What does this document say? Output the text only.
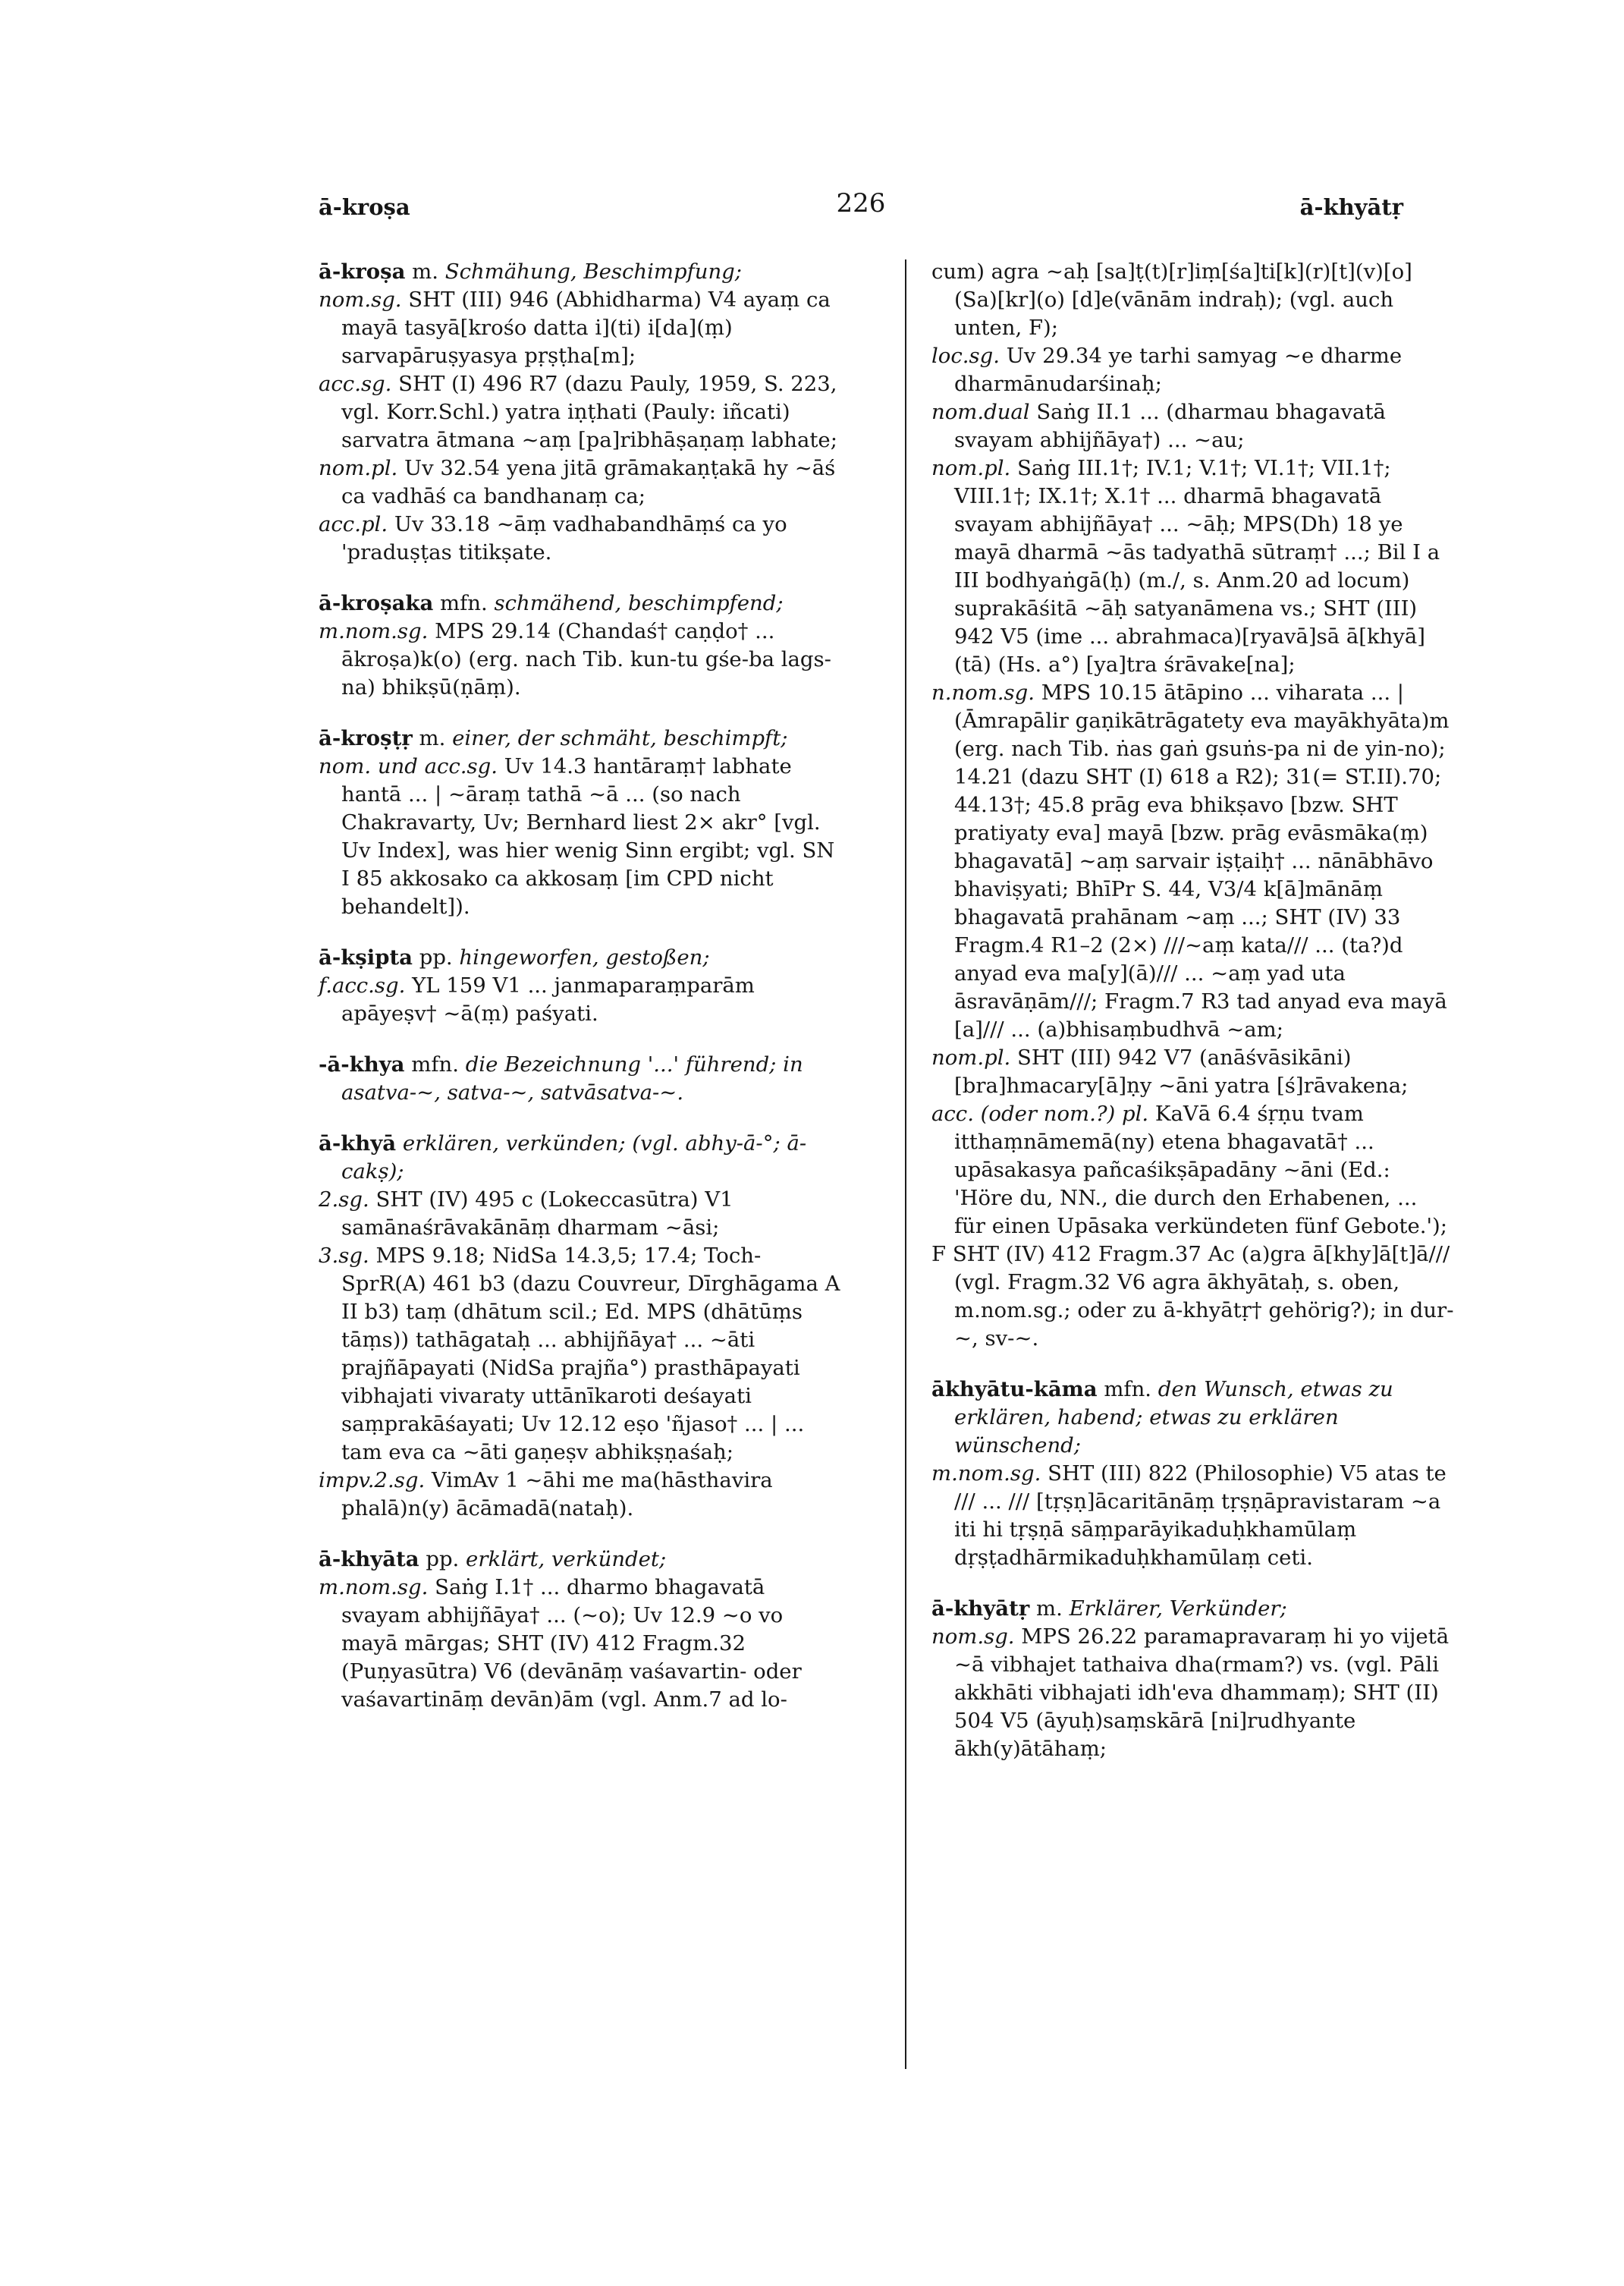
ā-kroṣa	226	ā-khyātṛ

ā-kroṣa m. Schmähung, Beschimpfung;

nom.sg. SHT (III) 946 (Abhidharma) V4 ayaṃ ca mayā tasyā[krośo datta i](ti) i[da](ṃ) sarvapāruṣyasya pṛṣṭha[m];

acc.sg. SHT (I) 496 R7 (dazu Pauly, 1959, S. 223, vgl. Korr.Schl.) yatra iṇṭhati (Pauly: iñcati) sarvatra ātmana ~aṃ [pa]ribhāṣaṇaṃ labhate;

nom.pl. Uv 32.54 yena jitā grāmakaṇṭakā hy ~āś ca vadhāś ca bandhanaṃ ca;

acc.pl. Uv 33.18 ~āṃ vadhabandhāṃś ca yo 'praduṣṭas titikṣate.

ā-kroṣaka mfn. schmähend, beschimpfend;

m.nom.sg. MPS 29.14 (Chandaś† caṇḍo† ... ākroṣa)k(o) (erg. nach Tib. kun-tu gśe-ba lags-na) bhikṣū(ṇāṃ).

ā-kroṣṭṛ m. einer, der schmäht, beschimpft;

nom. und acc.sg. Uv 14.3 hantāraṃ† labhate hantā ... | ~āraṃ tathā ~ā ... (so nach Chakravarty, Uv; Bernhard liest 2× akr° [vgl. Uv Index], was hier wenig Sinn ergibt; vgl. SN I 85 akkosako ca akkosaṃ [im CPD nicht behandelt]).

ā-kṣipta pp. hingeworfen, gestoßen;

f.acc.sg. YL 159 V1 ... janmaparaṃparām apāyeṣv† ~ā(ṃ) paśyati.

-ā-khya mfn. die Bezeichnung '...' führend; in asatva-~, satva-~, satvāsatva-~.

ā-khyā erklären, verkünden; (vgl. abhy-ā-°; ā-cakṣ);

2.sg. SHT (IV) 495 c (Lokeccasūtra) V1 samānaśrāvakānāṃ dharmam ~āsi;

3.sg. MPS 9.18; NidSa 14.3,5; 17.4; Toch-SprR(A) 461 b3 (dazu Couvreur, Dīrghāgama A II b3) taṃ (dhātum scil.; Ed. MPS (dhātūṃs tāṃs)) tathāgataḥ ... abhijñāya† ... ~āti prajñāpayati (NidSa prajña°) prasthāpayati vibhajati vivaraty uttānīkaroti deśayati saṃprakāśayati; Uv 12.12 eṣo 'ñjaso† ... | ... tam eva ca ~āti gaṇeṣv abhikṣṇaśaḥ;

impv.2.sg. VimAv 1 ~āhi me ma(hāsthavira phalā)n(y) ācāmadā(nataḥ).

ā-khyāta pp. erklärt, verkündet;

m.nom.sg. Saṅg I.1† ... dharmo bhagavatā svayam abhijñāya† ... (~o); Uv 12.9 ~o vo mayā mārgas; SHT (IV) 412 Fragm.32 (Puṇyasūtra) V6 (devānāṃ vaśavartin- oder vaśavartināṃ devān)ām (vgl. Anm.7 ad lo-

cum) agra ~aḥ [sa]ṭ(t)[r]iṃ[śa]ti[k](r)[t](v)[o] (Sa)[kr](o) [d]e(vānām indraḥ); (vgl. auch unten, F);

loc.sg. Uv 29.34 ye tarhi samyag ~e dharme dharmānudarśinaḥ;

nom.dual Saṅg II.1 ... (dharmau bhagavatā svayam abhijñāya†) ... ~au;

nom.pl. Saṅg III.1†; IV.1; V.1†; VI.1†; VII.1†; VIII.1†; IX.1†; X.1† ... dharmā bhagavatā svayam abhijñāya† ... ~āḥ; MPS(Dh) 18 ye mayā dharmā ~ās tadyathā sūtraṃ† ...; Bil I a III bodhyaṅgā(ḥ) (m./, s. Anm.20 ad locum) suprakāśitā ~āḥ satyanāmena vs.; SHT (III) 942 V5 (ime ... abrahmaca)[ryavā]sā ā[khyā](tā) (Hs. a°) [ya]tra śrāvake[na];

n.nom.sg. MPS 10.15 ātāpino ... viharata ... | (Āmrapālir gaṇikātrāgatety eva mayākhyāta)m (erg. nach Tib. ṅas gaṅ gsuṅs-pa ni de yin-no); 14.21 (dazu SHT (I) 618 a R2); 31(= ST.II).70; 44.13†; 45.8 prāg eva bhikṣavo [bzw. SHT pratiyaty eva] mayā [bzw. prāg evāsmāka(ṃ) bhagavatā] ~aṃ sarvair iṣṭaiḥ† ... nānābhāvo bhaviṣyati; BhīPr S. 44, V3/4 k[ā]mānāṃ bhagavatā prahānam ~aṃ ...; SHT (IV) 33 Fragm.4 R1–2 (2×) ///~aṃ kata/// ... (ta?)d anyad eva ma[y](ā)/// ... ~aṃ yad uta āsravāṇām///; Fragm.7 R3 tad anyad eva mayā [a]/// ... (a)bhisaṃbudhvā ~am;

nom.pl. SHT (III) 942 V7 (anāśvāsikāni) [bra]hmacary[ā]ṇy ~āni yatra [ś]rāvakena;

acc. (oder nom.?) pl. KaVā 6.4 śṛṇu tvam itthaṃnāmemā(ny) etena bhagavatā† ... upāsakasya pañcaśikṣāpadāny ~āni (Ed.: 'Höre du, NN., die durch den Erhabenen, ... für einen Upāsaka verkündeten fünf Gebote.');

F SHT (IV) 412 Fragm.37 Ac (a)gra ā[khy]ā[t]ā/// (vgl. Fragm.32 V6 agra ākhyātaḥ, s. oben, m.nom.sg.; oder zu ā-khyātṛ† gehörig?); in dur-~, sv-~.

ākhyātu-kāma mfn. den Wunsch, etwas zu erklären, habend; etwas zu erklären wünschend;

m.nom.sg. SHT (III) 822 (Philosophie) V5 atas te /// ... /// [tṛṣṇ]ācaritānāṃ tṛṣṇāpravistaram ~a iti hi tṛṣṇā sāṃparāyikaduḥkhamūlaṃ dṛṣṭadhārmikaduḥkhamūlaṃ ceti.

ā-khyātṛ m. Erklärer, Verkünder;

nom.sg. MPS 26.22 paramapravaraṃ hi yo vijetā ~ā vibhajet tathaiva dha(rmam?) vs. (vgl. Pāli akkhāti vibhajati idh'eva dhammaṃ); SHT (II) 504 V5 (āyuḥ)saṃskārā [ni]rudhyante ākh(y)ātāhaṃ;
